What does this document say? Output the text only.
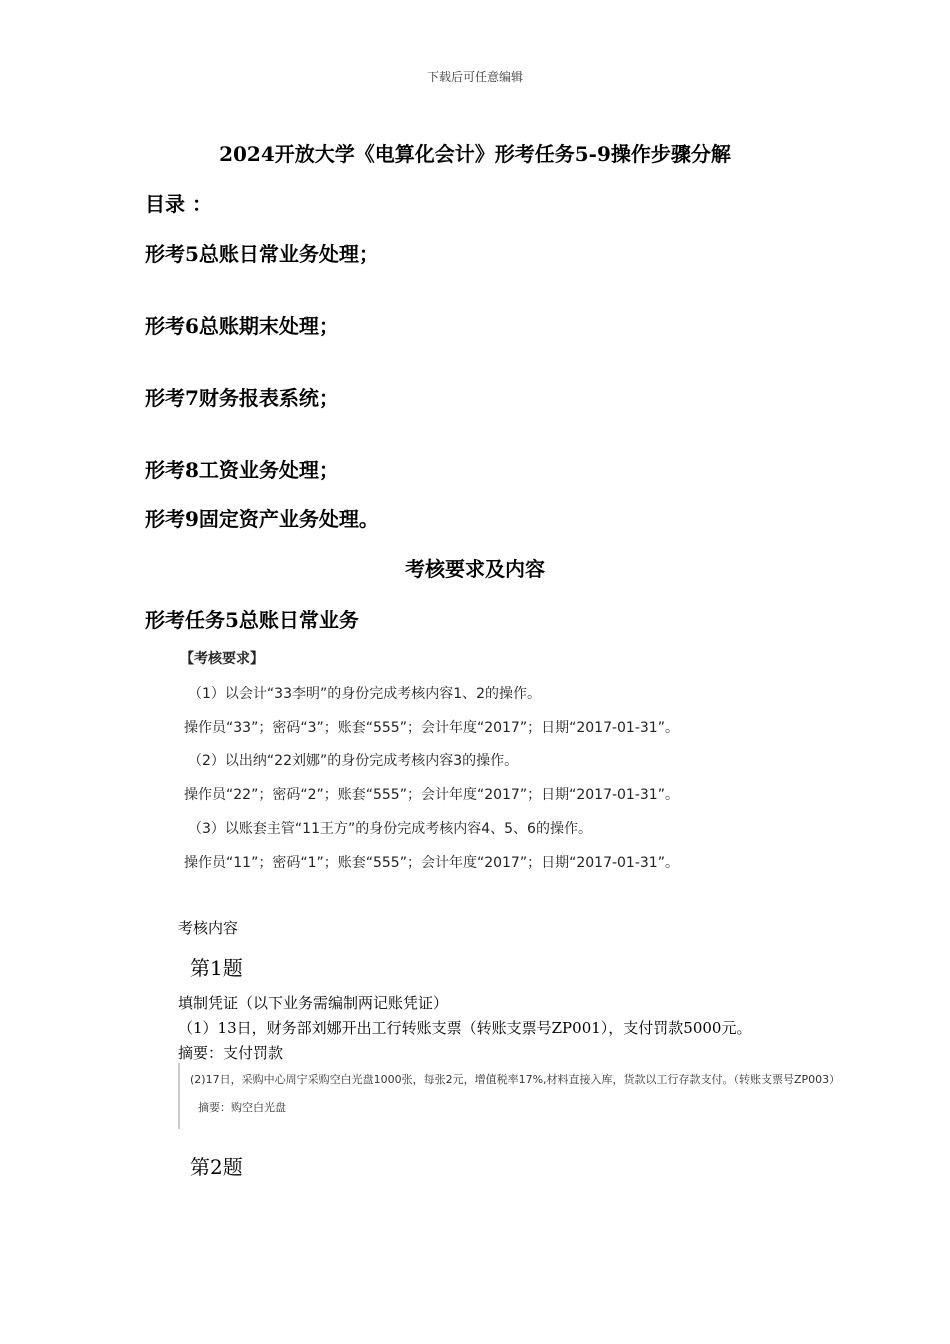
下载后可任意编辑
2024开放大学《电算化会计》形考任务5-9操作步骤分解
目录 ：
形考5总账日常业务处理；
形考6总账期末处理；
形考7财务报表系统；
形考8工资业务处理；
形考9固定资产业务处理。
考核要求及内容
形考任务5总账日常业务
【考核要求】
（1）以会计“33李明”的身份完成考核内容1、2的操作。
操作员“33”；密码“3”；账套“555”；会计年度“2017”；日期“2017-01-31”。
（2）以出纳“22刘娜”的身份完成考核内容3的操作。
操作员“22”；密码“2”；账套“555”；会计年度“2017”；日期“2017-01-31”。
（3）以账套主管“11王方”的身份完成考核内容4、5、6的操作。
操作员“11”；密码“1”；账套“555”；会计年度“2017”；日期“2017-01-31”。
考核内容
第1题
填制凭证（以下业务需编制两记账凭证）
（1）13日，财务部刘娜开出工行转账支票（转账支票号ZP001），支付罚款5000元。
摘要：支付罚款
(2)17日，采购中心周宁采购空白光盘1000张，每张2元，增值税率17%,材料直接入库，货款以工行存款支付。（转账支票号ZP003）
摘要：购空白光盘
第2题
